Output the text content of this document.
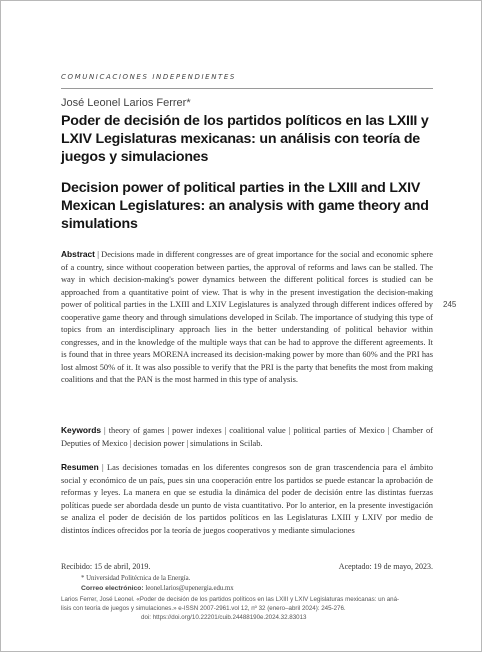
COMUNICACIONES INDEPENDIENTES
José Leonel Larios Ferrer*
Poder de decisión de los partidos políticos en las LXIII y LXIV Legislaturas mexicanas: un análisis con teoría de juegos y simulaciones
Decision power of political parties in the LXIII and LXIV Mexican Legislatures: an analysis with game theory and simulations

Abstract | Decisions made in different congresses are of great importance for the social and economic sphere of a country, since without cooperation between parties, the approval of reforms and laws can be stalled. The way in which decision-making's power dynamics between the different political forces is studied can be approached from a quantitative point of view. That is why in the present investigation the decision-making power of political parties in the LXIII and LXIV Legislatures is analyzed through different indices offered by cooperative game theory and through simulations developed in Scilab. The importance of studying this type of topics from an interdisciplinary approach lies in the better understanding of political behavior within congresses, and in the knowledge of the multiple ways that can be had to approve the different agreements. It is found that in three years MORENA increased its decision-making power by more than 60% and the PRI has lost almost 50% of it. It was also possible to verify that the PRI is the party that benefits the most from making coalitions and that the PAN is the most harmed in this type of analysis.

Keywords | theory of games | power indexes | coalitional value | political parties of Mexico | Chamber of Deputies of Mexico | decision power | simulations in Scilab.

Resumen | Las decisiones tomadas en los diferentes congresos son de gran trascendencia para el ámbito social y económico de un país, pues sin una cooperación entre los partidos se puede estancar la aprobación de reformas y leyes. La manera en que se estudia la dinámica del poder de decisión entre las distintas fuerzas políticas puede ser abordada desde un punto de vista cuantitativo. Por lo anterior, en la presente investigación se analiza el poder de decisión de los partidos políticos en las Legislaturas LXIII y LXIV por medio de distintos índices ofrecidos por la teoría de juegos cooperativos y mediante simulaciones

245
Recibido: 15 de abril, 2019.	Aceptado: 19 de mayo, 2023.
* Universidad Politécnica de la Energía.
Correo electrónico: leonel.larios@upenergia.edu.mx
Larios Ferrer, José Leonel. «Poder de decisión de los partidos políticos en las LXIII y LXIV Legislaturas mexicanas: un aná-
lisis con teoría de juegos y simulaciones.» e-ISSN 2007-2961.vol 12, nº 32 (enero–abril 2024): 245-276.
doi: https://doi.org/10.22201/cuib.24488190e.2024.32.83013
